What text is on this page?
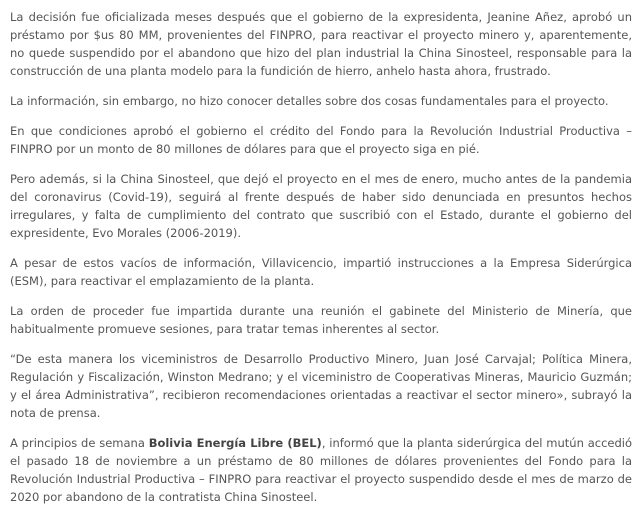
La decisión fue oficializada meses después que el gobierno de la expresidenta, Jeanine Añez, aprobó un préstamo por $us 80 MM, provenientes del FINPRO, para reactivar el proyecto minero y, aparentemente, no quede suspendido por el abandono que hizo del plan industrial la China Sinosteel, responsable para la construcción de una planta modelo para la fundición de hierro, anhelo hasta ahora, frustrado.

La información, sin embargo, no hizo conocer detalles sobre dos cosas fundamentales para el proyecto.

En que condiciones aprobó el gobierno el crédito del Fondo para la Revolución Industrial Productiva – FINPRO por un monto de 80 millones de dólares para que el proyecto siga en pié.

Pero además, si la China Sinosteel, que dejó el proyecto en el mes de enero, mucho antes de la pandemia del coronavirus (Covid-19), seguirá al frente después de haber sido denunciada en presuntos hechos irregulares, y falta de cumplimiento del contrato que suscribió con el Estado, durante el gobierno del expresidente, Evo Morales (2006-2019).

A pesar de estos vacíos de información, Villavicencio, impartió instrucciones a la Empresa Siderúrgica (ESM), para reactivar el emplazamiento de la planta.

La orden de proceder fue impartida durante una reunión el gabinete del Ministerio de Minería, que habitualmente promueve sesiones, para tratar temas inherentes al sector.

“De esta manera los viceministros de Desarrollo Productivo Minero, Juan José Carvajal; Política Minera, Regulación y Fiscalización, Winston Medrano; y el viceministro de Cooperativas Mineras, Mauricio Guzmán; y el área Administrativa”, recibieron recomendaciones orientadas a reactivar el sector minero», subrayó la nota de prensa.

A principios de semana Bolivia Energía Libre (BEL), informó que la planta siderúrgica del mutún accedió el pasado 18 de noviembre a un préstamo de 80 millones de dólares provenientes del Fondo para la Revolución Industrial Productiva – FINPRO para reactivar el proyecto suspendido desde el mes de marzo de 2020 por abandono de la contratista China Sinosteel.
